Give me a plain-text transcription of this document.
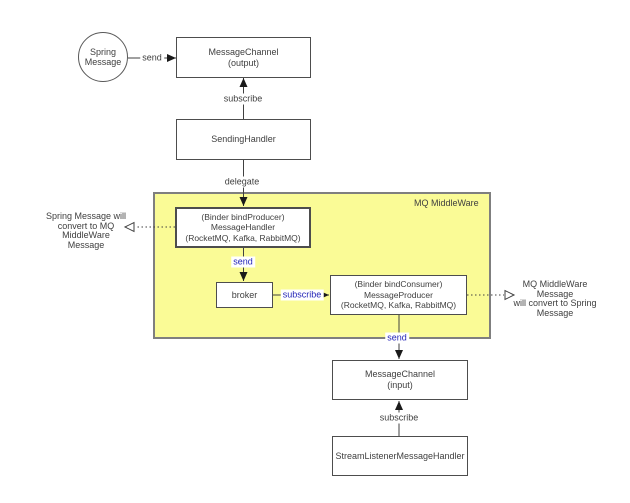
MQ MiddleWare
Spring
Message
MessageChannel
(output)
SendingHandler
(Binder bindProducer)
MessageHandler
(RocketMQ, Kafka, RabbitMQ)
broker
(Binder bindConsumer)
MessageProducer
(RocketMQ, Kafka, RabbitMQ)
MessageChannel
(input)
StreamListenerMessageHandler
send
subscribe
delegate
send
subscribe
send
subscribe
Spring Message will
convert to MQ
MiddleWare Message
MQ MiddleWare Message
will convert to Spring
Message
